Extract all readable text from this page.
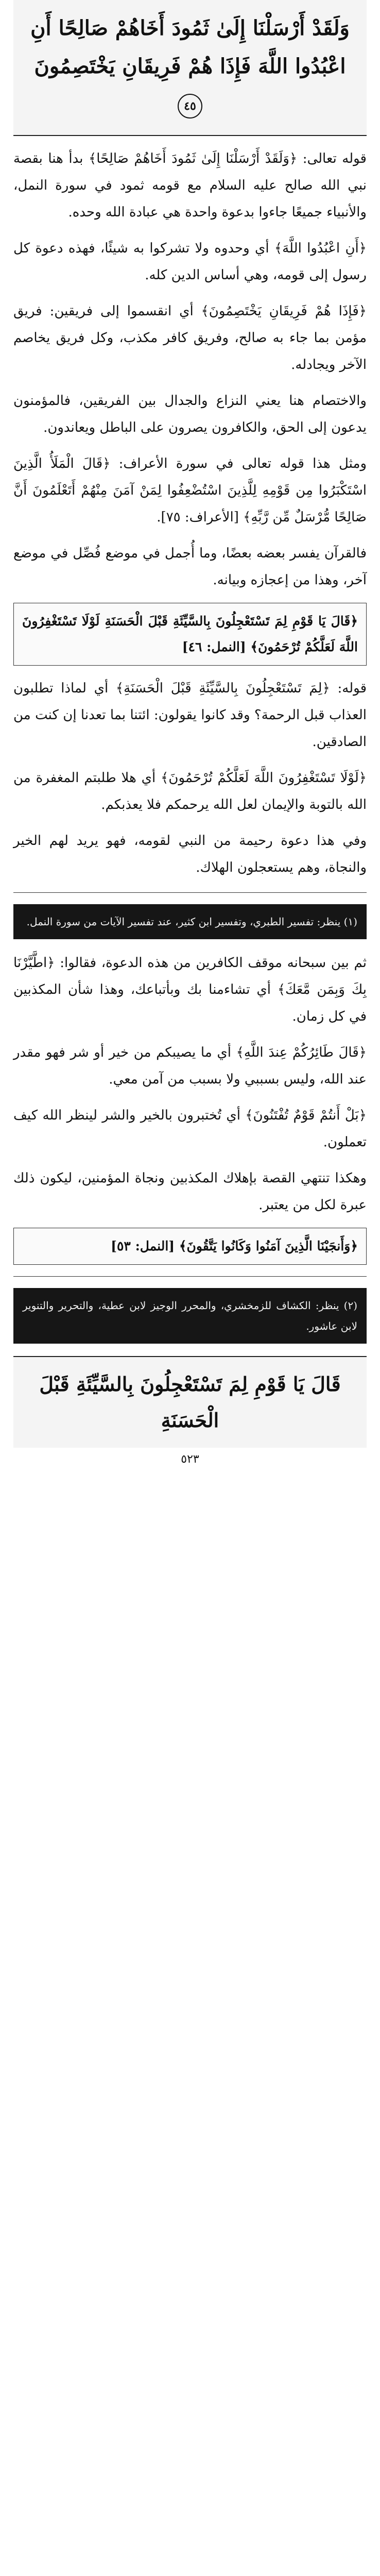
وَلَقَدْ أَرْسَلْنَا إِلَىٰ ثَمُودَ أَخَاهُمْ صَالِحًا أَنِ اعْبُدُوا اللَّهَ فَإِذَا هُمْ فَرِيقَانِ يَخْتَصِمُونَ ٤٥

قوله تعالى: ﴿وَلَقَدْ أَرْسَلْنَا إِلَىٰ ثَمُودَ أَخَاهُمْ صَالِحًا﴾ بدأ هنا بقصة نبي الله صالح عليه السلام مع قومه ثمود في سورة النمل، والأنبياء جميعًا جاءوا بدعوة واحدة هي عبادة الله وحده.

﴿أَنِ اعْبُدُوا اللَّهَ﴾ أي وحدوه ولا تشركوا به شيئًا، فهذه دعوة كل رسول إلى قومه، وهي أساس الدين كله.

﴿فَإِذَا هُمْ فَرِيقَانِ يَخْتَصِمُونَ﴾ أي انقسموا إلى فريقين: فريق مؤمن بما جاء به صالح، وفريق كافر مكذب، وكل فريق يخاصم الآخر ويجادله.

والاختصام هنا يعني النزاع والجدال بين الفريقين، فالمؤمنون يدعون إلى الحق، والكافرون يصرون على الباطل ويعاندون.

ومثل هذا قوله تعالى في سورة الأعراف: ﴿قَالَ الْمَلَأُ الَّذِينَ اسْتَكْبَرُوا مِن قَوْمِهِ لِلَّذِينَ اسْتُضْعِفُوا لِمَنْ آمَنَ مِنْهُمْ أَتَعْلَمُونَ أَنَّ صَالِحًا مُّرْسَلٌ مِّن رَّبِّهِ﴾ [الأعراف: ٧٥].

فالقرآن يفسر بعضه بعضًا، وما أُجمل في موضع فُصِّل في موضع آخر، وهذا من إعجازه وبيانه.

﴿قَالَ يَا قَوْمِ لِمَ تَسْتَعْجِلُونَ بِالسَّيِّئَةِ قَبْلَ الْحَسَنَةِ لَوْلَا تَسْتَغْفِرُونَ اللَّهَ لَعَلَّكُمْ تُرْحَمُونَ﴾ [النمل: ٤٦]

قوله: ﴿لِمَ تَسْتَعْجِلُونَ بِالسَّيِّئَةِ قَبْلَ الْحَسَنَةِ﴾ أي لماذا تطلبون العذاب قبل الرحمة؟ وقد كانوا يقولون: ائتنا بما تعدنا إن كنت من الصادقين.

﴿لَوْلَا تَسْتَغْفِرُونَ اللَّهَ لَعَلَّكُمْ تُرْحَمُونَ﴾ أي هلا طلبتم المغفرة من الله بالتوبة والإيمان لعل الله يرحمكم فلا يعذبكم.

وفي هذا دعوة رحيمة من النبي لقومه، فهو يريد لهم الخير والنجاة، وهم يستعجلون الهلاك.

(١) ينظر: تفسير الطبري، وتفسير ابن كثير، عند تفسير الآيات من سورة النمل.

ثم بين سبحانه موقف الكافرين من هذه الدعوة، فقالوا: ﴿اطَّيَّرْنَا بِكَ وَبِمَن مَّعَكَ﴾ أي تشاءمنا بك وبأتباعك، وهذا شأن المكذبين في كل زمان.

﴿قَالَ طَائِرُكُمْ عِندَ اللَّهِ﴾ أي ما يصيبكم من خير أو شر فهو مقدر عند الله، وليس بسببي ولا بسبب من آمن معي.

﴿بَلْ أَنتُمْ قَوْمٌ تُفْتَنُونَ﴾ أي تُختبرون بالخير والشر لينظر الله كيف تعملون.

وهكذا تنتهي القصة بإهلاك المكذبين ونجاة المؤمنين، ليكون ذلك عبرة لكل من يعتبر.

﴿وَأَنجَيْنَا الَّذِينَ آمَنُوا وَكَانُوا يَتَّقُونَ﴾ [النمل: ٥٣]
(٢) ينظر: الكشاف للزمخشري، والمحرر الوجيز لابن عطية، والتحرير والتنوير لابن عاشور.
قَالَ يَا قَوْمِ لِمَ تَسْتَعْجِلُونَ بِالسَّيِّئَةِ قَبْلَ الْحَسَنَةِ
٥٢٣
